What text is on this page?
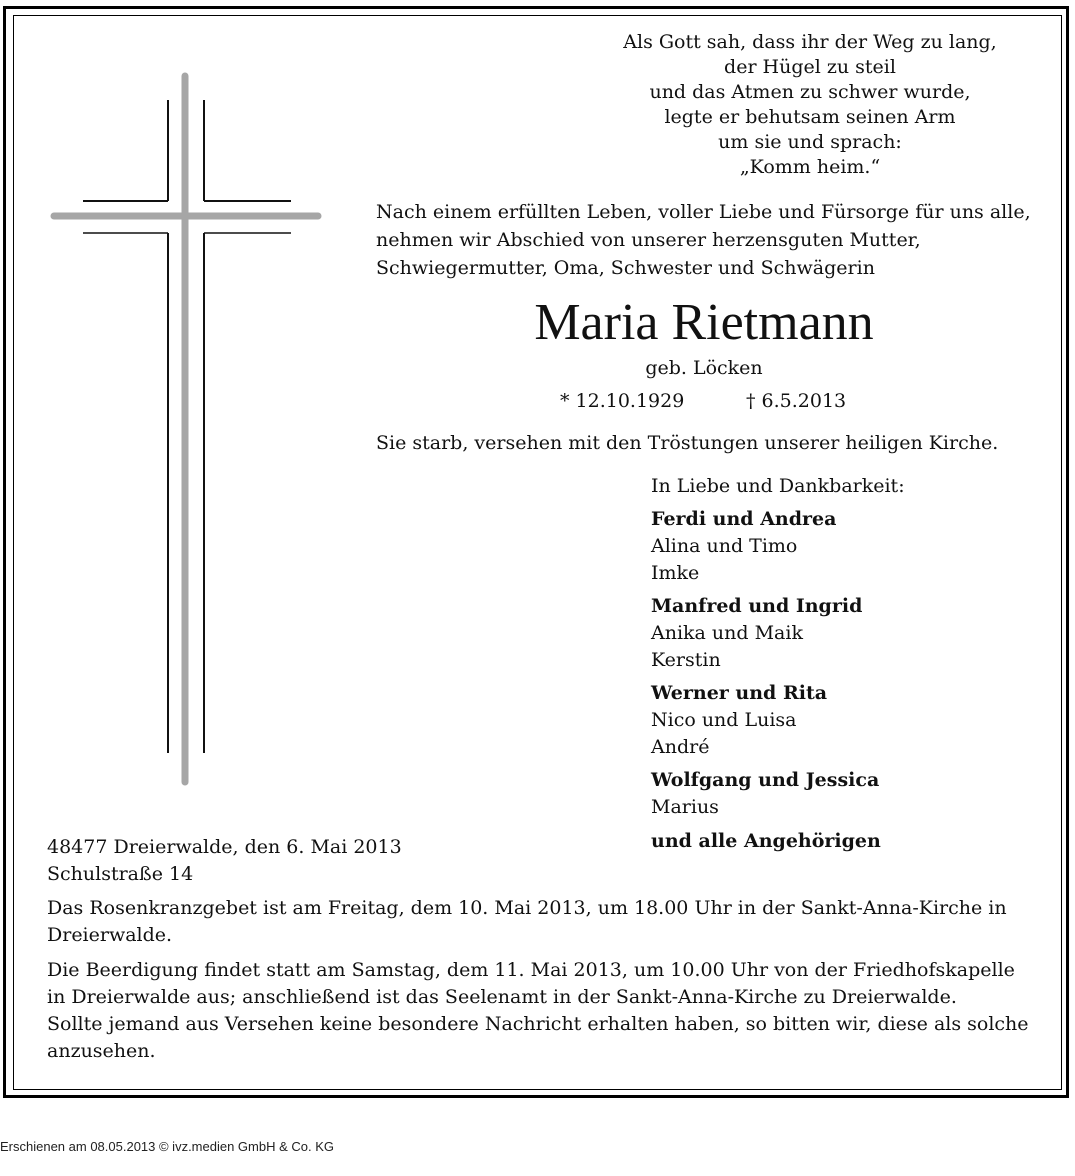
Als Gott sah, dass ihr der Weg zu lang,
der Hügel zu steil
und das Atmen zu schwer wurde,
legte er behutsam seinen Arm
um sie und sprach:
„Komm heim.“
Nach einem erfüllten Leben, voller Liebe und Fürsorge für uns alle, nehmen wir Abschied von unserer herzensguten Mutter, Schwiegermutter, Oma, Schwester und Schwägerin
Maria Rietmann
geb. Löcken
* 12.10.1929	† 6.5.2013
Sie starb, versehen mit den Tröstungen unserer heiligen Kirche.
In Liebe und Dankbarkeit:
Ferdi und Andrea
Alina und Timo
Imke
Manfred und Ingrid
Anika und Maik
Kerstin
Werner und Rita
Nico und Luisa
André
Wolfgang und Jessica
Marius
und alle Angehörigen
48477 Dreierwalde, den 6. Mai 2013
Schulstraße 14

Das Rosenkranzgebet ist am Freitag, dem 10. Mai 2013, um 18.00 Uhr in der Sankt-Anna-Kirche in Dreierwalde.

Die Beerdigung findet statt am Samstag, dem 11. Mai 2013, um 10.00 Uhr von der Friedhofskapelle in Dreierwalde aus; anschließend ist das Seelenamt in der Sankt-Anna-Kirche zu Dreierwalde.

Sollte jemand aus Versehen keine besondere Nachricht erhalten haben, so bitten wir, diese als solche anzusehen.

Erschienen am 08.05.2013 © ivz.medien GmbH & Co. KG
